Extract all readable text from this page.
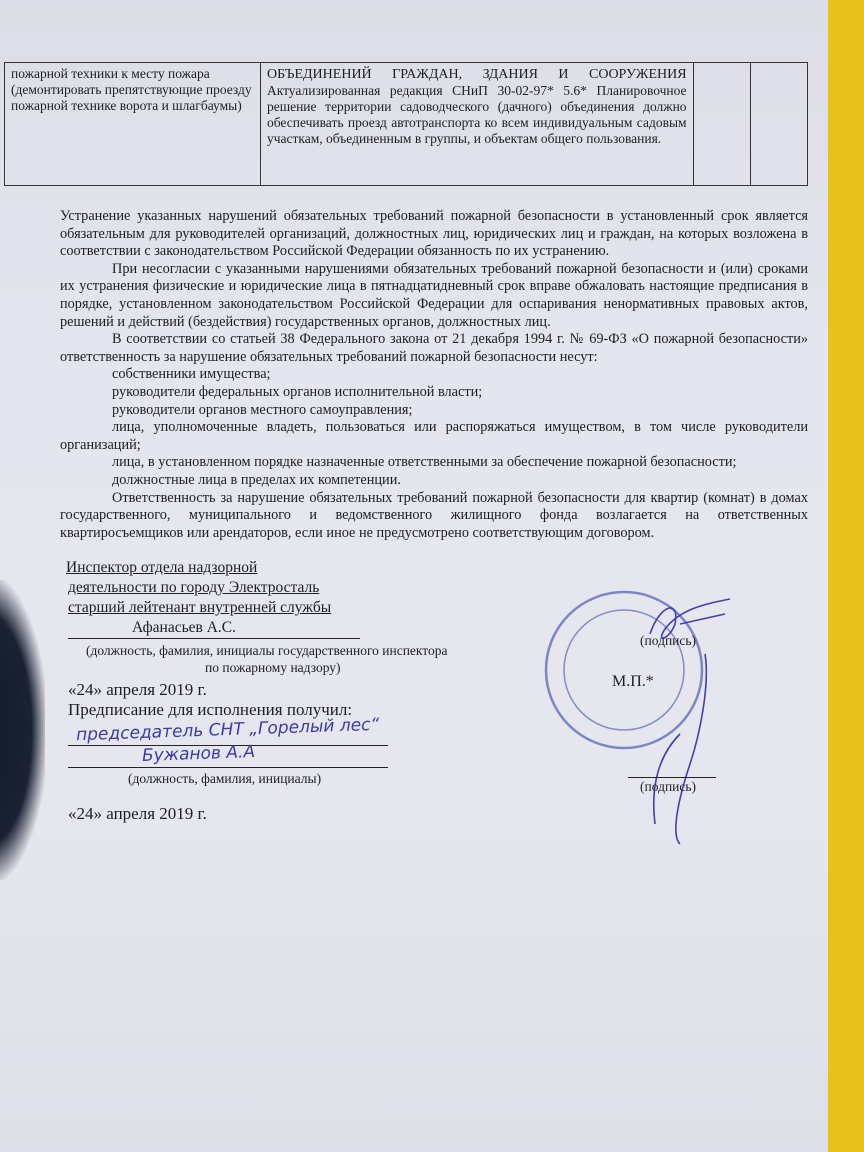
пожарной техники к месту пожара (демонтировать препятствующие проезду пожарной технике ворота и шлагбаумы)	ОБЪЕДИНЕНИЙ ГРАЖДАН, ЗДАНИЯ И СООРУЖЕНИЯ Актуализированная редакция СНиП 30-02-97* 5.6* Планировочное решение территории садоводческого (дачного) объединения должно обеспечивать проезд автотранспорта ко всем индивидуальным садовым участкам, объединенным в группы, и объектам общего пользования.		

Устранение указанных нарушений обязательных требований пожарной безопасности в установленный срок является обязательным для руководителей организаций, должностных лиц, юридических лиц и граждан, на которых возложена в соответствии с законодательством Российской Федерации обязанность по их устранению.

При несогласии с указанными нарушениями обязательных требований пожарной безопасности и (или) сроками их устранения физические и юридические лица в пятнадцатидневный срок вправе обжаловать настоящие предписания в порядке, установленном законодательством Российской Федерации для оспаривания ненормативных правовых актов, решений и действий (бездействия) государственных органов, должностных лиц.

В соответствии со статьей 38 Федерального закона от 21 декабря 1994 г. № 69-ФЗ «О пожарной безопасности» ответственность за нарушение обязательных требований пожарной безопасности несут:

собственники имущества;

руководители федеральных органов исполнительной власти;

руководители органов местного самоуправления;

лица, уполномоченные владеть, пользоваться или распоряжаться имуществом, в том числе руководители организаций;

лица, в установленном порядке назначенные ответственными за обеспечение пожарной безопасности;

должностные лица в пределах их компетенции.

Ответственность за нарушение обязательных требований пожарной безопасности для квартир (комнат) в домах государственного, муниципального и ведомственного жилищного фонда возлагается на ответственных квартиросъемщиков или арендаторов, если иное не предусмотрено соответствующим договором.

Инспектор отдела надзорной
деятельности по городу Электросталь
старший лейтенант внутренней службы
Афанасьев А.С.
(должность, фамилия, инициалы государственного инспектора
по пожарному надзору)
«24» апреля 2019 г.
Предписание для исполнения получил:
председатель СНТ „Горелый лес“
Бужанов А.А
(должность, фамилия, инициалы)
«24» апреля 2019 г.
(подпись)
М.П.*
(подпись)
